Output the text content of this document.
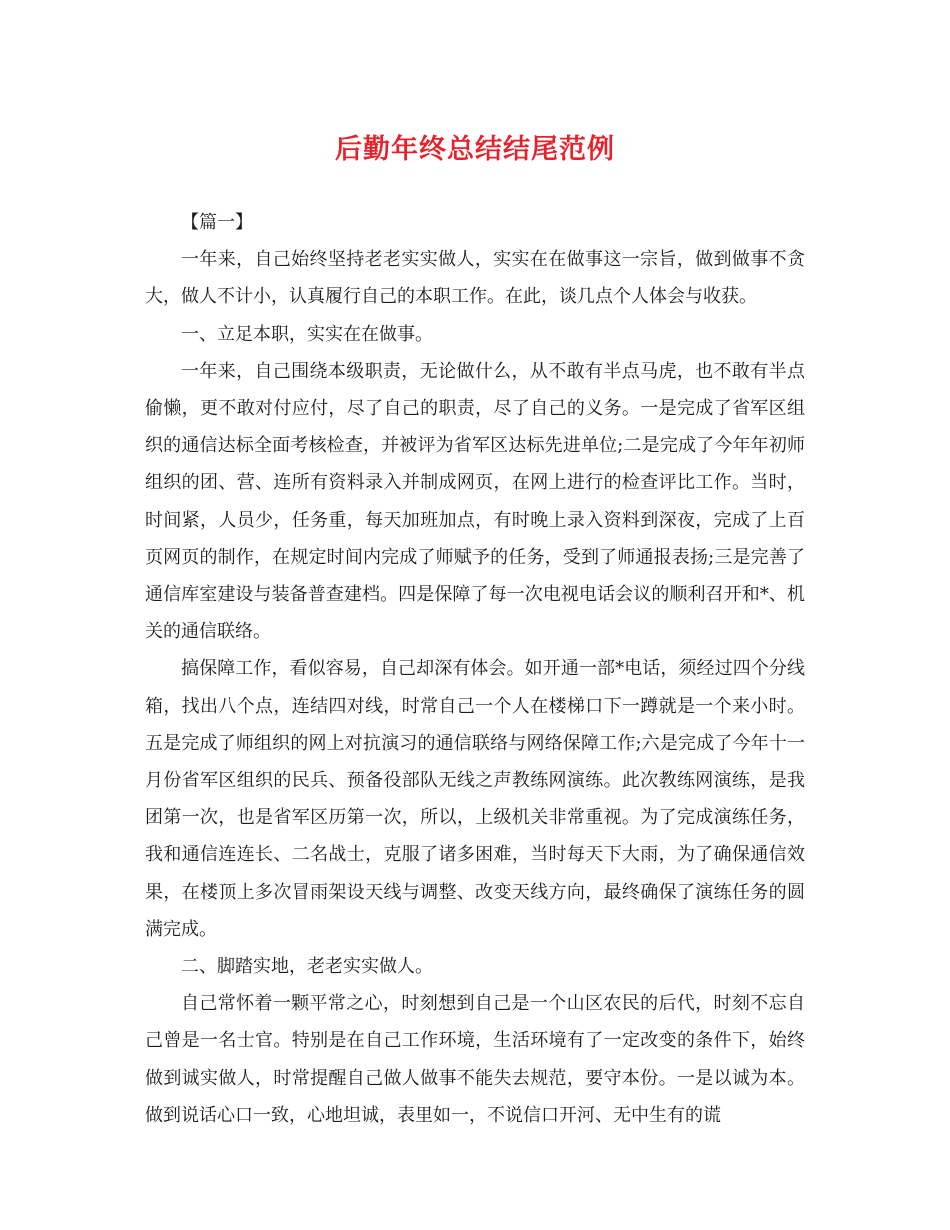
后勤年终总结结尾范例

【篇一】

一年来，自己始终坚持老老实实做人，实实在在做事这一宗旨，做到做事不贪大，做人不计小，认真履行自己的本职工作。在此，谈几点个人体会与收获。

一、立足本职，实实在在做事。

一年来，自己围绕本级职责，无论做什么，从不敢有半点马虎，也不敢有半点偷懒，更不敢对付应付，尽了自己的职责，尽了自己的义务。一是完成了省军区组织的通信达标全面考核检查，并被评为省军区达标先进单位;二是完成了今年年初师组织的团、营、连所有资料录入并制成网页，在网上进行的检查评比工作。当时，时间紧，人员少，任务重，每天加班加点，有时晚上录入资料到深夜，完成了上百页网页的制作，在规定时间内完成了师赋予的任务，受到了师通报表扬;三是完善了通信库室建设与装备普查建档。四是保障了每一次电视电话会议的顺利召开和*、机关的通信联络。

搞保障工作，看似容易，自己却深有体会。如开通一部*电话，须经过四个分线箱，找出八个点，连结四对线，时常自己一个人在楼梯口下一蹲就是一个来小时。五是完成了师组织的网上对抗演习的通信联络与网络保障工作;六是完成了今年十一月份省军区组织的民兵、预备役部队无线之声教练网演练。此次教练网演练，是我团第一次，也是省军区历第一次，所以，上级机关非常重视。为了完成演练任务，我和通信连连长、二名战士，克服了诸多困难，当时每天下大雨，为了确保通信效果，在楼顶上多次冒雨架设天线与调整、改变天线方向，最终确保了演练任务的圆满完成。

二、脚踏实地，老老实实做人。

自己常怀着一颗平常之心，时刻想到自己是一个山区农民的后代，时刻不忘自己曾是一名士官。特别是在自己工作环境，生活环境有了一定改变的条件下，始终做到诚实做人，时常提醒自己做人做事不能失去规范，要守本份。一是以诚为本。做到说话心口一致，心地坦诚，表里如一，不说信口开河、无中生有的谎
